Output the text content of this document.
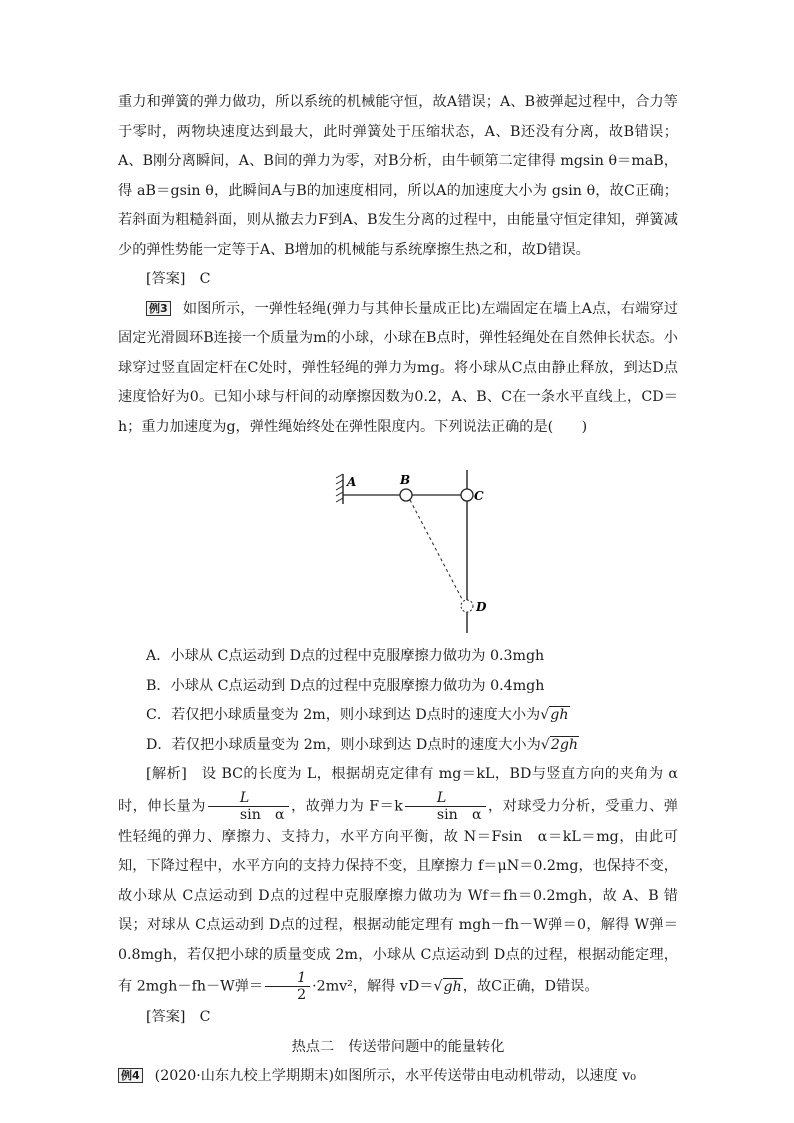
重力和弹簧的弹力做功，所以系统的机械能守恒，故A错误；A、B被弹起过程中，合力等于零时，两物块速度达到最大，此时弹簧处于压缩状态，A、B还没有分离，故B错误；A、B刚分离瞬间，A、B间的弹力为零，对B分析，由牛顿第二定律得 mgsin θ＝maB，得 aB＝gsin θ，此瞬间A与B的加速度相同，所以A的加速度大小为 gsin θ，故C正确；若斜面为粗糙斜面，则从撤去力F到A、B发生分离的过程中，由能量守恒定律知，弹簧减少的弹性势能一定等于A、B增加的机械能与系统摩擦生热之和，故D错误。

[答案]　C

例3 如图所示，一弹性轻绳(弹力与其伸长量成正比)左端固定在墙上A点，右端穿过固定光滑圆环B连接一个质量为m的小球，小球在B点时，弹性轻绳处在自然伸长状态。小球穿过竖直固定杆在C处时，弹性轻绳的弹力为mg。将小球从C点由静止释放，到达D点速度恰好为0。已知小球与杆间的动摩擦因数为0.2，A、B、C在一条水平直线上，CD＝h；重力加速度为g，弹性绳始终处在弹性限度内。下列说法正确的是(　　)

A	B
C
D

A．小球从 C点运动到 D点的过程中克服摩擦力做功为 0.3mgh

B．小球从 C点运动到 D点的过程中克服摩擦力做功为 0.4mgh

C．若仅把小球质量变为 2m，则小球到达 D点时的速度大小为√gh

D．若仅把小球质量变为 2m，则小球到达 D点时的速度大小为√2gh

[解析]　设 BC的长度为 L，根据胡克定律有 mg＝kL，BD与竖直方向的夹角为 α 时，伸长量为 $\frac{L}{\text{sin　α}}$ ，故弹力为 $F=k \frac{L}{\text{sin　α}}$ ，对球受力分析，受重力、弹性轻绳的弹力、摩擦力、支持力，水平方向平衡，故 N＝Fsin　α＝kL＝mg，由此可知，下降过程中，水平方向的支持力保持不变，且摩擦力 f＝μN＝0.2mg，也保持不变，故小球从 C点运动到 D点的过程中克服摩擦力做功为 Wf＝fh＝0.2mgh，故 A、B 错误；对球从 C点运动到 D点的过程，根据动能定理有 mgh－fh－W弹＝0，解得 W弹＝0.8mgh，若仅把小球的质量变成 2m，小球从 C点运动到 D点的过程，根据动能定理，有 2mgh－fh－W弹＝ $\frac{1}{2} \cdot 2mv^2$，解得 vD＝√gh，故C正确，D错误。

[答案]　C

热点二　传送带问题中的能量转化

例4 (2020·山东九校上学期期末)如图所示，水平传送带由电动机带动，以速度 v₀
